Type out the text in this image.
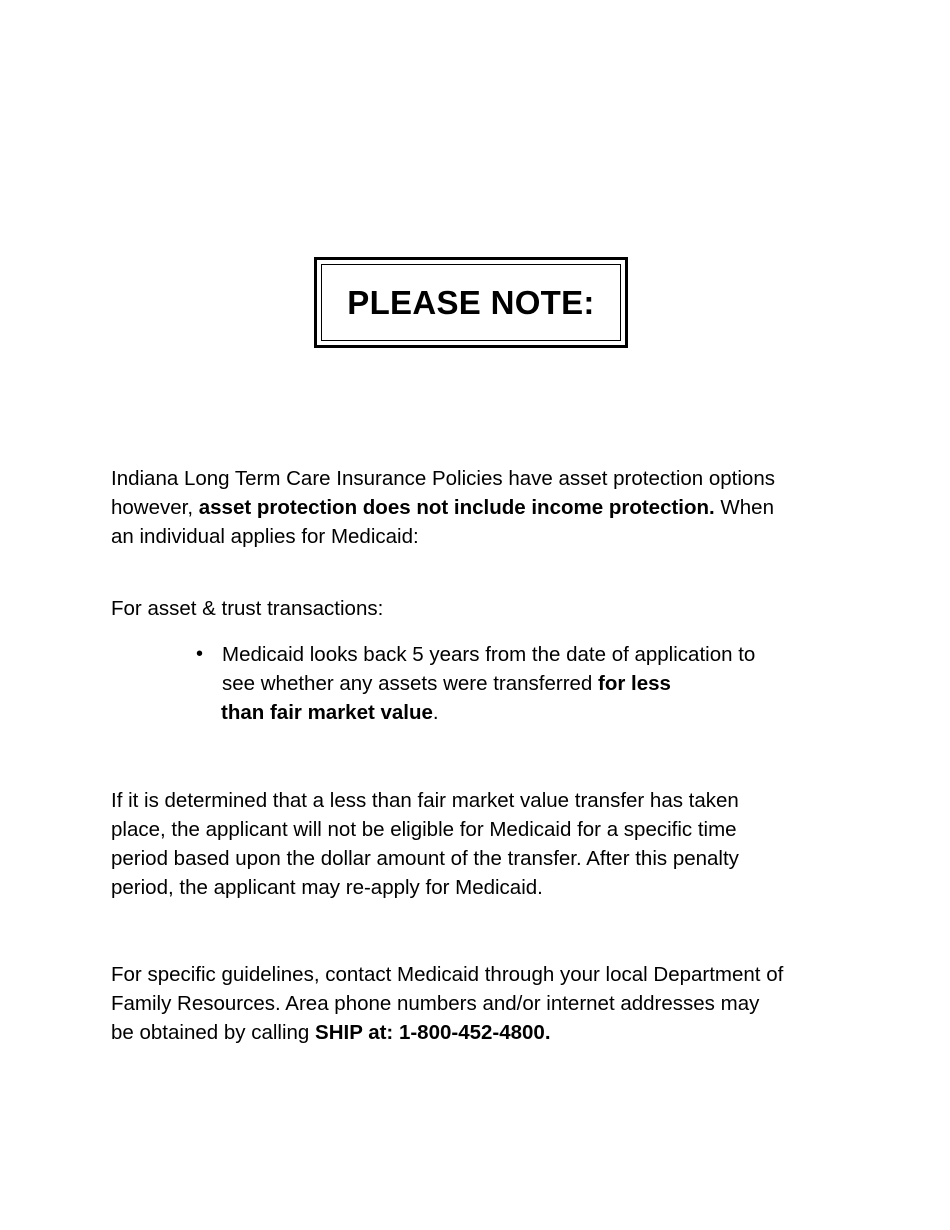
PLEASE NOTE:

Indiana Long Term Care Insurance Policies have asset protection options
however, asset protection does not include income protection. When
an individual applies for Medicaid:

For asset & trust transactions:

• Medicaid looks back 5 years from the date of application to
see whether any assets were transferred for less
than fair market value.

If it is determined that a less than fair market value transfer has taken
place, the applicant will not be eligible for Medicaid for a specific time
period based upon the dollar amount of the transfer. After this penalty
period, the applicant may re-apply for Medicaid.

For specific guidelines, contact Medicaid through your local Department of
Family Resources. Area phone numbers and/or internet addresses may
be obtained by calling SHIP at: 1-800-452-4800.
